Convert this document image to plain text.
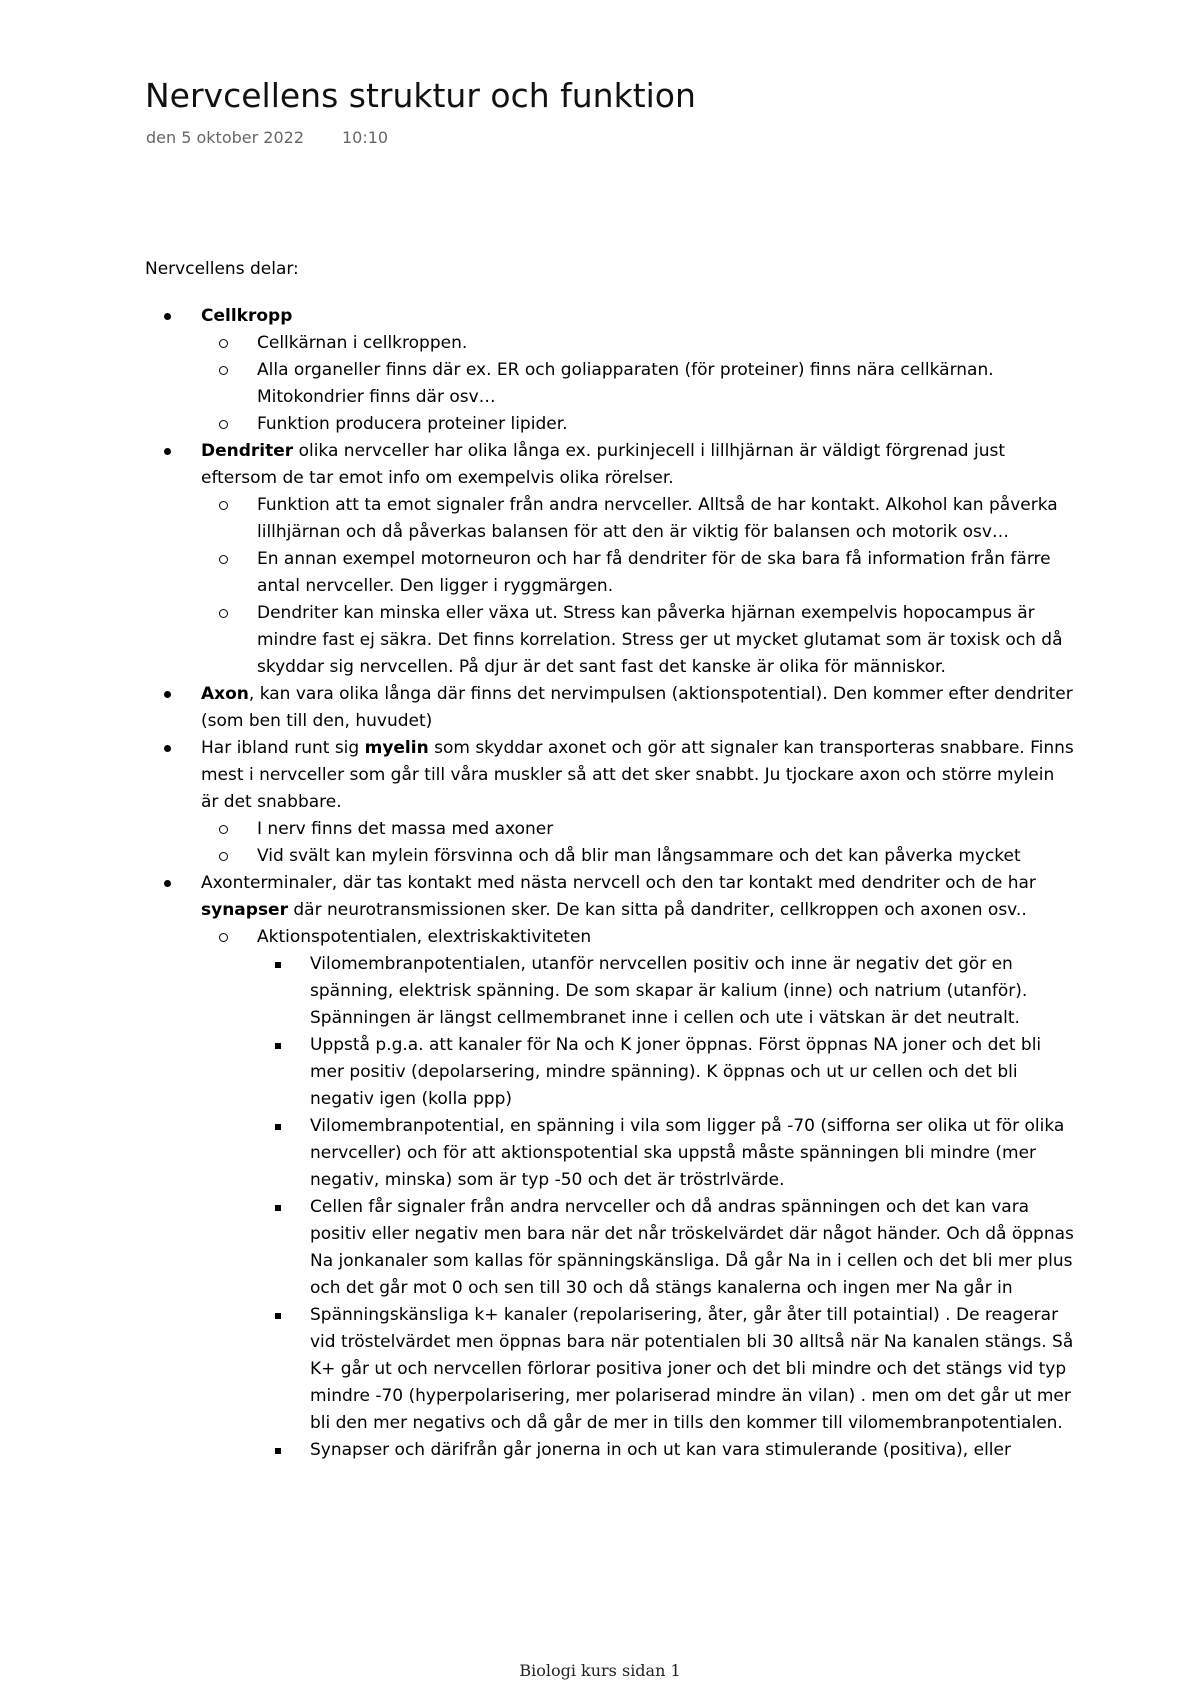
Nervcellens struktur och funktion
den 5 oktober 2022 10:10

Nervcellens delar:

Cellkropp
Cellkärnan i cellkroppen.
Alla organeller finns där ex. ER och goliapparaten (för proteiner) finns nära cellkärnan. Mitokondrier finns där osv…
Funktion producera proteiner lipider.
Dendriter olika nervceller har olika långa ex. purkinjecell i lillhjärnan är väldigt förgrenad just eftersom de tar emot info om exempelvis olika rörelser.
Funktion att ta emot signaler från andra nervceller. Alltså de har kontakt. Alkohol kan påverka lillhjärnan och då påverkas balansen för att den är viktig för balansen och motorik osv…
En annan exempel motorneuron och har få dendriter för de ska bara få information från färre antal nervceller. Den ligger i ryggmärgen.
Dendriter kan minska eller växa ut. Stress kan påverka hjärnan exempelvis hopocampus är mindre fast ej säkra. Det finns korrelation. Stress ger ut mycket glutamat som är toxisk och då skyddar sig nervcellen. På djur är det sant fast det kanske är olika för människor.
Axon, kan vara olika långa där finns det nervimpulsen (aktionspotential). Den kommer efter dendriter (som ben till den, huvudet)
Har ibland runt sig myelin som skyddar axonet och gör att signaler kan transporteras snabbare. Finns mest i nervceller som går till våra muskler så att det sker snabbt. Ju tjockare axon och större mylein är det snabbare.
I nerv finns det massa med axoner
Vid svält kan mylein försvinna och då blir man långsammare och det kan påverka mycket
Axonterminaler, där tas kontakt med nästa nervcell och den tar kontakt med dendriter och de har synapser där neurotransmissionen sker. De kan sitta på dandriter, cellkroppen och axonen osv..
Aktionspotentialen, elextriskaktiviteten
Vilomembranpotentialen, utanför nervcellen positiv och inne är negativ det gör en spänning, elektrisk spänning. De som skapar är kalium (inne) och natrium (utanför). Spänningen är längst cellmembranet inne i cellen och ute i vätskan är det neutralt.
Uppstå p.g.a. att kanaler för Na och K joner öppnas. Först öppnas NA joner och det bli mer positiv (depolarsering, mindre spänning). K öppnas och ut ur cellen och det bli negativ igen (kolla ppp)
Vilomembranpotential, en spänning i vila som ligger på -70 (sifforna ser olika ut för olika nervceller) och för att aktionspotential ska uppstå måste spänningen bli mindre (mer negativ, minska) som är typ -50 och det är tröstrlvärde.
Cellen får signaler från andra nervceller och då andras spänningen och det kan vara positiv eller negativ men bara när det når tröskelvärdet där något händer. Och då öppnas Na jonkanaler som kallas för spänningskänsliga. Då går Na in i cellen och det bli mer plus och det går mot 0 och sen till 30 och då stängs kanalerna och ingen mer Na går in
Spänningskänsliga k+ kanaler (repolarisering, åter, går åter till potaintial) . De reagerar vid tröstelvärdet men öppnas bara när potentialen bli 30 alltså när Na kanalen stängs. Så K+ går ut och nervcellen förlorar positiva joner och det bli mindre och det stängs vid typ mindre -70 (hyperpolarisering, mer polariserad mindre än vilan) . men om det går ut mer bli den mer negativs och då går de mer in tills den kommer till vilomembranpotentialen.
Synapser och därifrån går jonerna in och ut kan vara stimulerande (positiva), eller
Biologi kurs sidan 1
